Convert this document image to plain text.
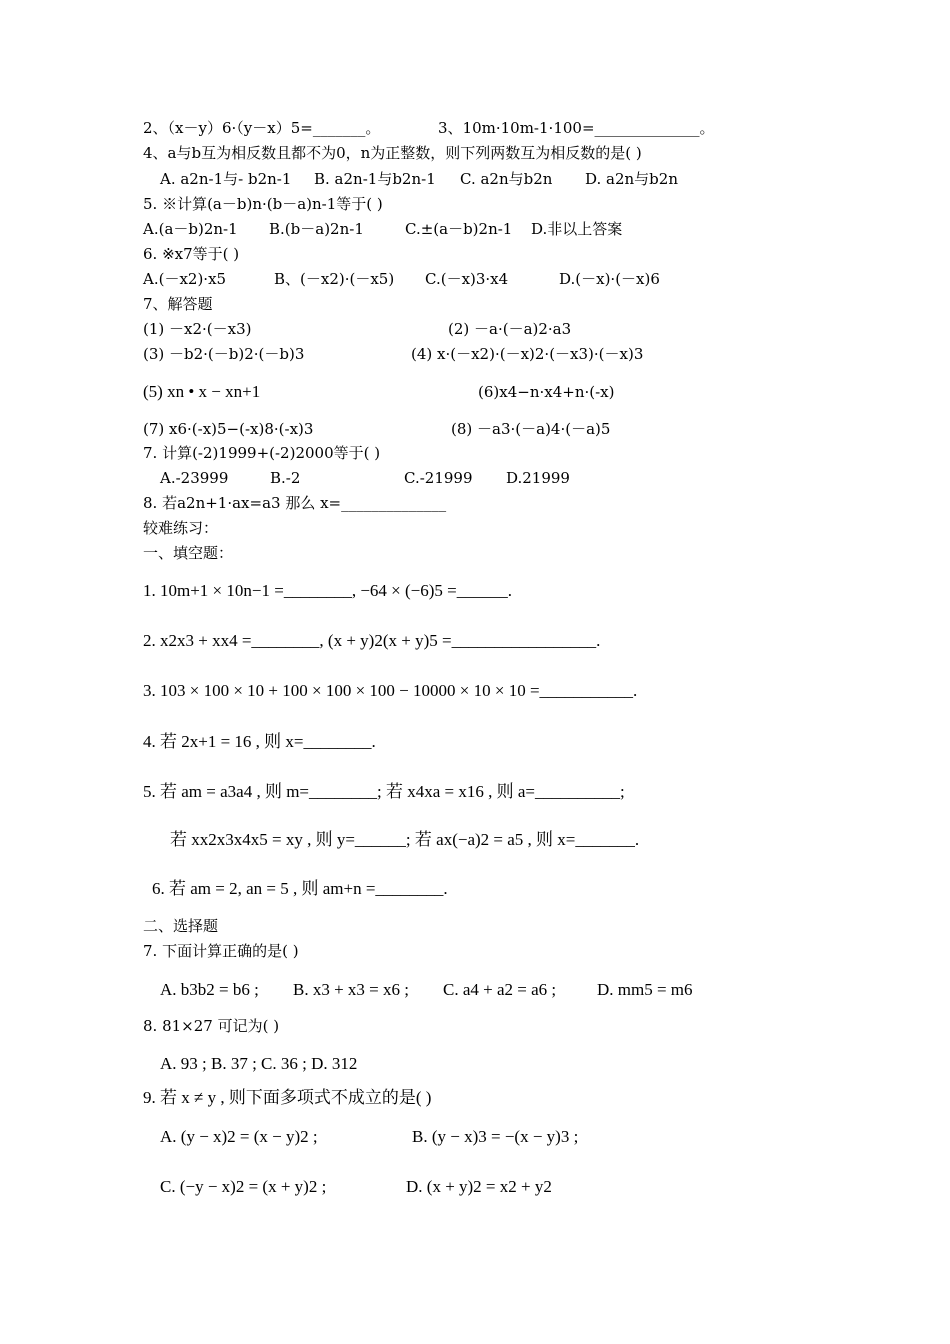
2、（x－y）6·（y－x）5=_______。	3、10m·10m-1·100=______________。
4、a与b互为相反数且都不为0，n为正整数，则下列两数互为相反数的是( )
A. a2n-1与- b2n-1 B. a2n-1与b2n-1 C. a2n与b2n D. a2n与b2n
5. ※计算(a－b)n·(b－a)n-1等于( )
A.(a－b)2n-1 B.(b－a)2n-1	C.±(a－b)2n-1 D.非以上答案
6. ※x7等于( )
A.(－x2)·x5	B、(－x2)·(－x5) C.(－x)3·x4	D.(－x)·(－x)6
7、解答题
(1) －x2·(－x3)	(2) －a·(－a)2·a3
(3) －b2·(－b)2·(－b)3	(4) x·(－x2)·(－x)2·(－x3)·(－x)3
(5) xn • x − xn+1	(6)x4−n·x4+n·(-x)
(7) x6·(-x)5−(-x)8·(-x)3	(8) －a3·(－a)4·(－a)5
7. 计算(-2)1999+(-2)2000等于( )
A.-23999	B.-2	C.-21999 D.21999
8. 若a2n+1·ax=a3 那么 x=______________
较难练习：
一、填空题：
1. 10m+1 × 10n−1 =________, −64 × (−6)5 =______.
2. x2x3 + xx4 =________, (x + y)2(x + y)5 =_________________.
3. 103 × 100 × 10 + 100 × 100 × 100 − 10000 × 10 × 10 =___________.
4. 若 2x+1 = 16 , 则 x=________.
5. 若 am = a3a4 , 则 m=________; 若 x4xa = x16 , 则 a=__________;
若 xx2x3x4x5 = xy , 则 y=______; 若 ax(−a)2 = a5 , 则 x=_______.
6. 若 am = 2, an = 5 , 则 am+n =________.
二、选择题
7. 下面计算正确的是( )
A. b3b2 = b6 ; B. x3 + x3 = x6 ; C. a4 + a2 = a6 ; D. mm5 = m6
8. 81×27 可记为( )
A. 93 ; B. 37 ; C. 36 ; D. 312
9. 若 x ≠ y , 则下面多项式不成立的是( )
A. (y − x)2 = (x − y)2 ;	B. (y − x)3 = −(x − y)3 ;
C. (−y − x)2 = (x + y)2 ;	D. (x + y)2 = x2 + y2
